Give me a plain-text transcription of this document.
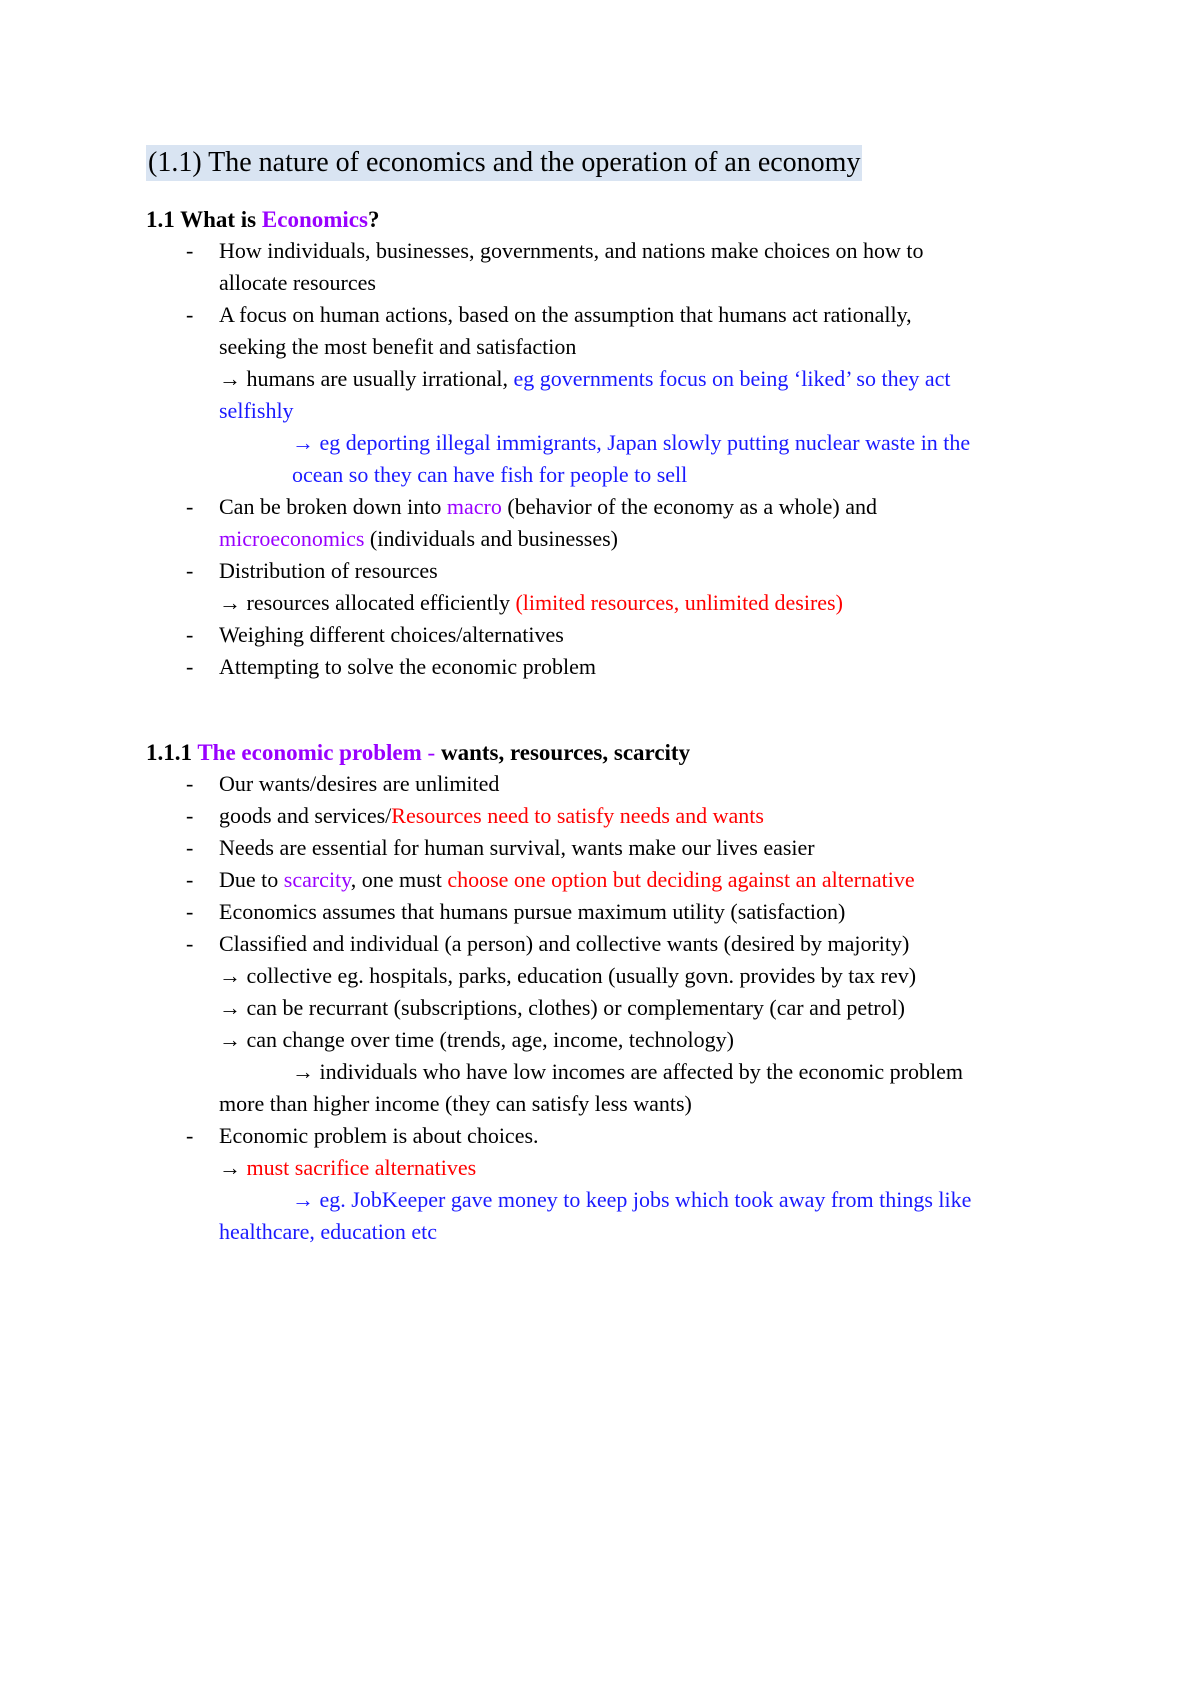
(1.1) The nature of economics and the operation of an economy
1.1 What is Economics?
- How individuals, businesses, governments, and nations make choices on how to
allocate resources
- A focus on human actions, based on the assumption that humans act rationally,
seeking the most benefit and satisfaction
→ humans are usually irrational, eg governments focus on being ‘liked’ so they act
selfishly
→ eg deporting illegal immigrants, Japan slowly putting nuclear waste in the
ocean so they can have fish for people to sell
- Can be broken down into macro (behavior of the economy as a whole) and
microeconomics (individuals and businesses)
- Distribution of resources
→ resources allocated efficiently (limited resources, unlimited desires)
- Weighing different choices/alternatives
- Attempting to solve the economic problem
1.1.1 The economic problem - wants, resources, scarcity
- Our wants/desires are unlimited
- goods and services/Resources need to satisfy needs and wants
- Needs are essential for human survival, wants make our lives easier
- Due to scarcity, one must choose one option but deciding against an alternative
- Economics assumes that humans pursue maximum utility (satisfaction)
- Classified and individual (a person) and collective wants (desired by majority)
→ collective eg. hospitals, parks, education (usually govn. provides by tax rev)
→ can be recurrant (subscriptions, clothes) or complementary (car and petrol)
→ can change over time (trends, age, income, technology)
→ individuals who have low incomes are affected by the economic problem
more than higher income (they can satisfy less wants)
- Economic problem is about choices.
→ must sacrifice alternatives
→ eg. JobKeeper gave money to keep jobs which took away from things like
healthcare, education etc
